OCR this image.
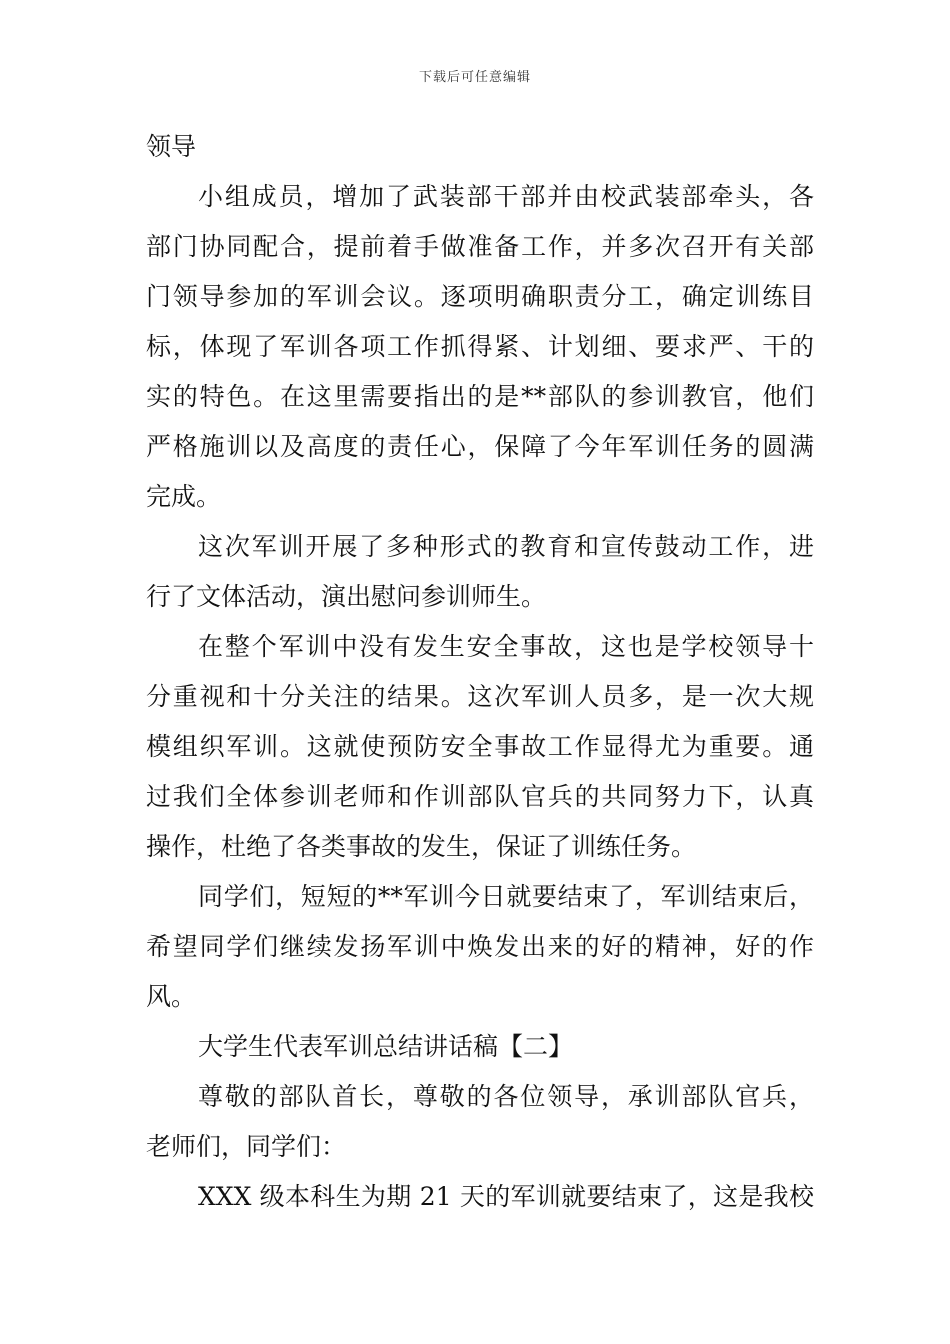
下载后可任意编辑
领导
小组成员，增加了武装部干部并由校武装部牵头，各
部门协同配合，提前着手做准备工作，并多次召开有关部
门领导参加的军训会议。逐项明确职责分工，确定训练目
标，体现了军训各项工作抓得紧、计划细、要求严、干的
实的特色。在这里需要指出的是**部队的参训教官，他们
严格施训以及高度的责任心，保障了今年军训任务的圆满
完成。
这次军训开展了多种形式的教育和宣传鼓动工作，进
行了文体活动，演出慰问参训师生。
在整个军训中没有发生安全事故，这也是学校领导十
分重视和十分关注的结果。这次军训人员多，是一次大规
模组织军训。这就使预防安全事故工作显得尤为重要。通
过我们全体参训老师和作训部队官兵的共同努力下，认真
操作，杜绝了各类事故的发生，保证了训练任务。
同学们，短短的**军训今日就要结束了，军训结束后，
希望同学们继续发扬军训中焕发出来的好的精神，好的作
风。
大学生代表军训总结讲话稿【二】
尊敬的部队首长，尊敬的各位领导，承训部队官兵，
老师们，同学们：
XXX 级本科生为期 21 天的军训就要结束了，这是我校
